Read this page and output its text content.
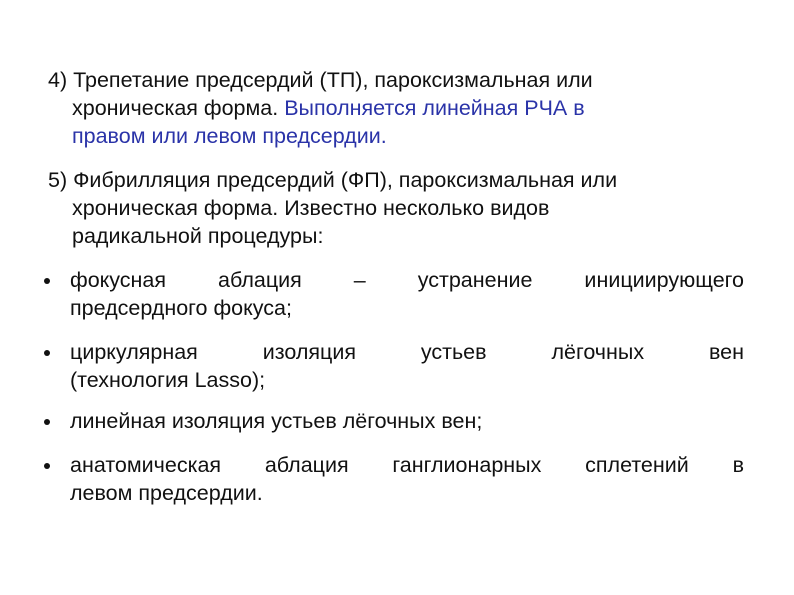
4) Трепетание предсердий (ТП), пароксизмальная или
хроническая форма. Выполняется линейная РЧА в
правом или левом предсердии.
5) Фибрилляция предсердий (ФП), пароксизмальная или
хроническая форма. Известно несколько видов
радикальной процедуры:
фокусная аблация – устранение инициирующего
предсердного фокуса;
циркулярная изоляция устьев лёгочных вен
(технология Lasso);
линейная изоляция устьев лёгочных вен;
анатомическая аблация ганглионарных сплетений в
левом предсердии.
